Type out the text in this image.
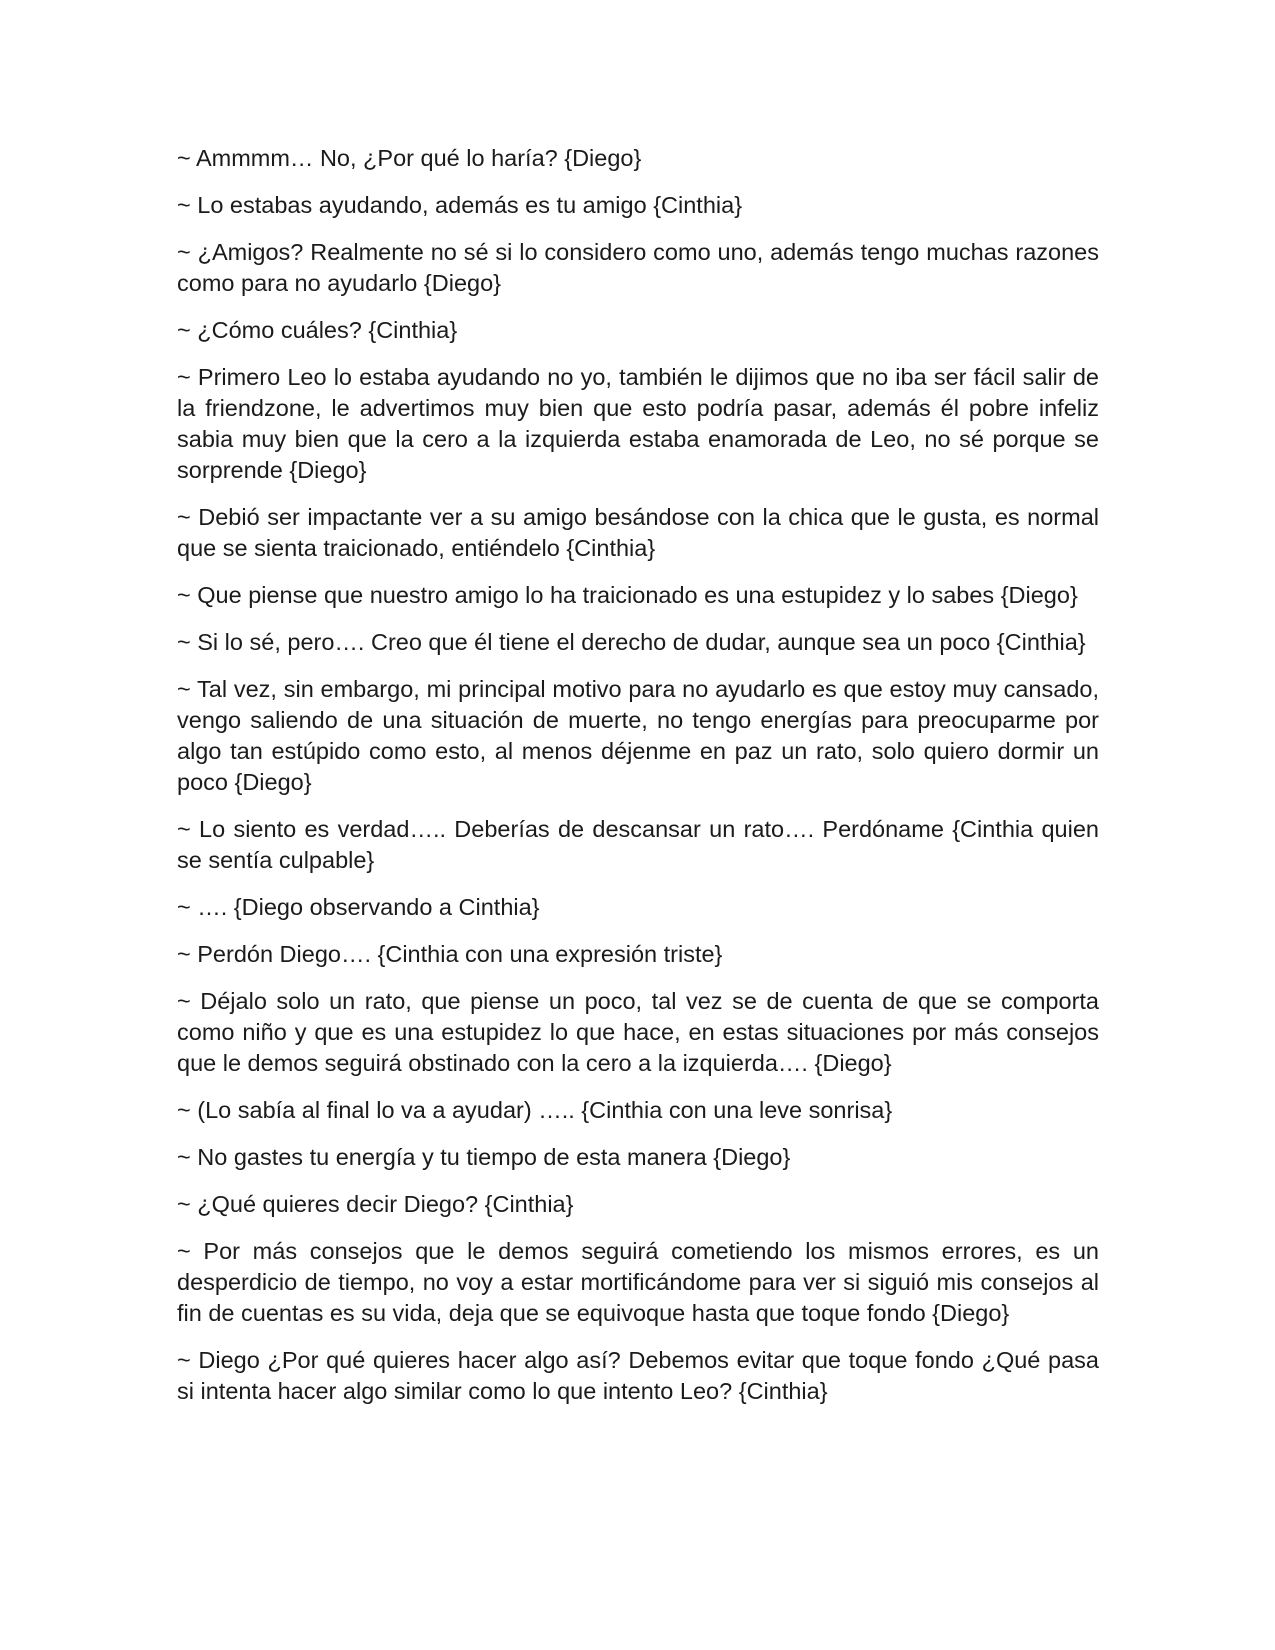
~ Ammmm… No, ¿Por qué lo haría? {Diego}

~ Lo estabas ayudando, además es tu amigo {Cinthia}

~ ¿Amigos? Realmente no sé si lo considero como uno, además tengo muchas razones como para no ayudarlo {Diego}

~ ¿Cómo cuáles? {Cinthia}

~ Primero Leo lo estaba ayudando no yo, también le dijimos que no iba ser fácil salir de la friendzone, le advertimos muy bien que esto podría pasar, además él pobre infeliz sabia muy bien que la cero a la izquierda estaba enamorada de Leo, no sé porque se sorprende {Diego}

~ Debió ser impactante ver a su amigo besándose con la chica que le gusta, es normal que se sienta traicionado, entiéndelo {Cinthia}

~ Que piense que nuestro amigo lo ha traicionado es una estupidez y lo sabes {Diego}

~ Si lo sé, pero…. Creo que él tiene el derecho de dudar, aunque sea un poco {Cinthia}

~ Tal vez, sin embargo, mi principal motivo para no ayudarlo es que estoy muy cansado, vengo saliendo de una situación de muerte, no tengo energías para preocuparme por algo tan estúpido como esto, al menos déjenme en paz un rato, solo quiero dormir un poco {Diego}

~ Lo siento es verdad….. Deberías de descansar un rato…. Perdóname {Cinthia quien se sentía culpable}

~ …. {Diego observando a Cinthia}

~ Perdón Diego…. {Cinthia con una expresión triste}

~ Déjalo solo un rato, que piense un poco, tal vez se de cuenta de que se comporta como niño y que es una estupidez lo que hace, en estas situaciones por más consejos que le demos seguirá obstinado con la cero a la izquierda…. {Diego}

~ (Lo sabía al final lo va a ayudar) ….. {Cinthia con una leve sonrisa}

~ No gastes tu energía y tu tiempo de esta manera {Diego}

~ ¿Qué quieres decir Diego? {Cinthia}

~ Por más consejos que le demos seguirá cometiendo los mismos errores, es un desperdicio de tiempo, no voy a estar mortificándome para ver si siguió mis consejos al fin de cuentas es su vida, deja que se equivoque hasta que toque fondo {Diego}

~ Diego ¿Por qué quieres hacer algo así? Debemos evitar que toque fondo ¿Qué pasa si intenta hacer algo similar como lo que intento Leo? {Cinthia}
